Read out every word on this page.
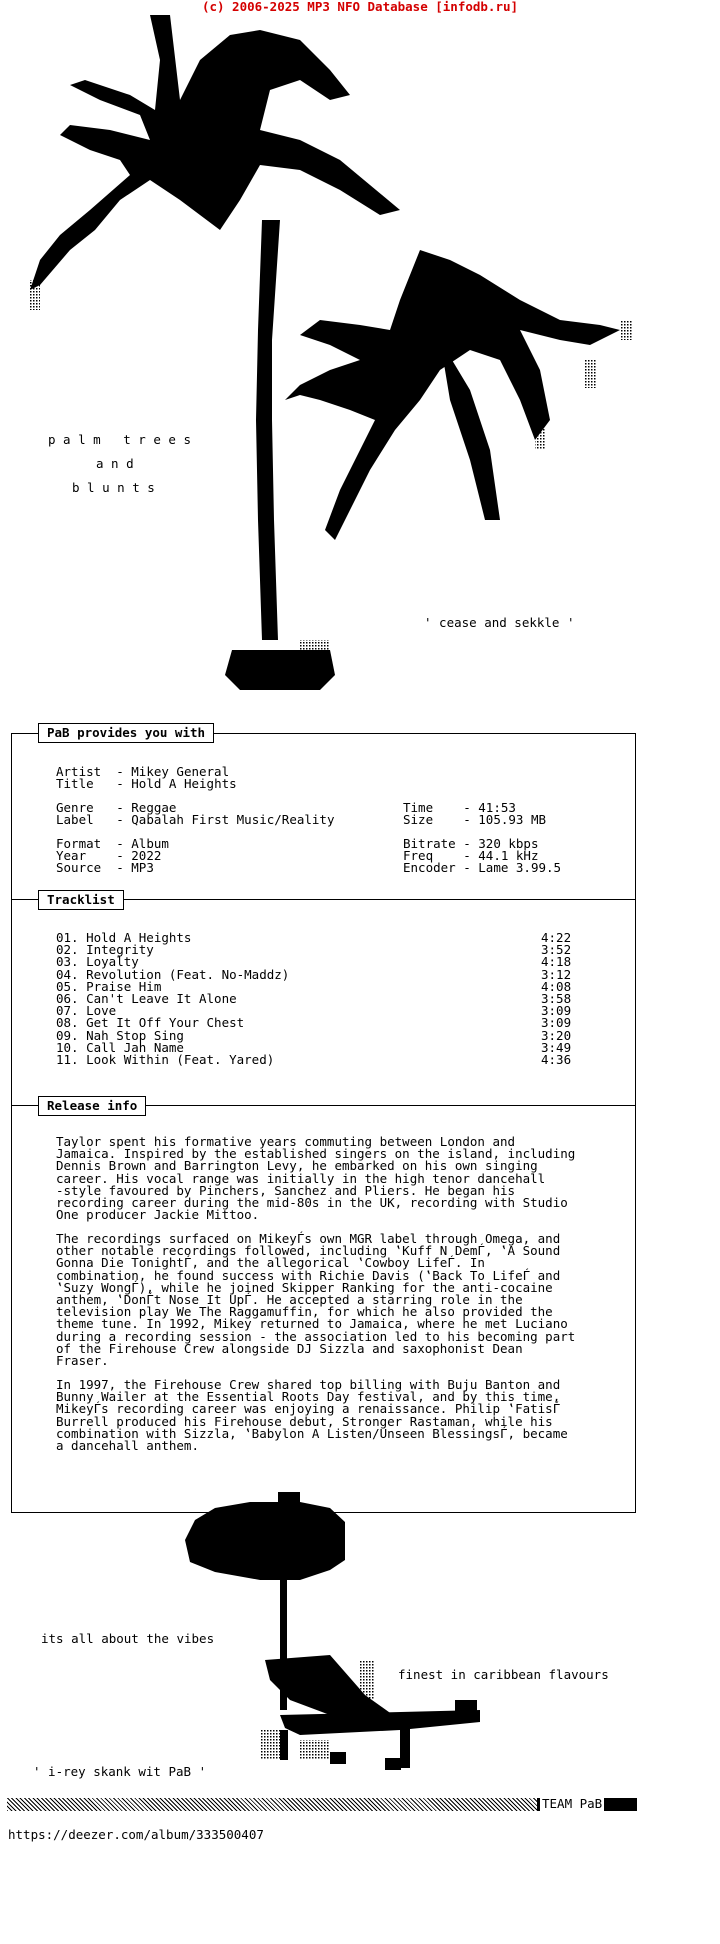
(c) 2006-2025 MP3 NFO Database [infodb.ru]
p a l m   t r e e s
a n d
b l u n t s
' cease and sekkle '
PaB provides you with
Artist  - Mikey General
Title   - Hold A Heights
Genre   - Reggae
Label   - Qabalah First Music/Reality
Format  - Album
Year    - 2022
Source  - MP3
Time    - 41:53
Size    - 105.93 MB
Bitrate - 320 kbps
Freq    - 44.1 kHz
Encoder - Lame 3.99.5
Tracklist
01. Hold A Heights	4:22
02. Integrity	3:52
03. Loyalty	4:18
04. Revolution (Feat. No-Maddz)	3:12
05. Praise Him	4:08
06. Can't Leave It Alone	3:58
07. Love	3:09
08. Get It Off Your Chest	3:09
09. Nah Stop Sing	3:20
10. Call Jah Name	3:49
11. Look Within (Feat. Yared)	4:36
Release info
Taylor spent his formative years commuting between London and
Jamaica. Inspired by the established singers on the island, including
Dennis Brown and Barrington Levy, he embarked on his own singing
career. His vocal range was initially in the high tenor dancehall
-style favoured by Pinchers, Sanchez and Pliers. He began his
recording career during the mid-80s in the UK, recording with Studio
One producer Jackie Mittoo.
The recordings surfaced on MikeyЃs own MGR label through Omega, and
other notable recordings followed, including ‛Kuff N DemЃ, ‛A Sound
Gonna Die TonightЃ, and the allegorical ‛Cowboy LifeЃ. In
combination, he found success with Richie Davis (‛Back To LifeЃ and
‛Suzy WongЃ), while he joined Skipper Ranking for the anti-cocaine
anthem, ‛DonЃt Nose It UpЃ. He accepted a starring role in the
television play We The Raggamuffin, for which he also provided the
theme tune. In 1992, Mikey returned to Jamaica, where he met Luciano
during a recording session - the association led to his becoming part
of the Firehouse Crew alongside DJ Sizzla and saxophonist Dean
Fraser.
In 1997, the Firehouse Crew shared top billing with Buju Banton and
Bunny Wailer at the Essential Roots Day festival, and by this time,
MikeyЃs recording career was enjoying a renaissance. Philip ‛FatisЃ
Burrell produced his Firehouse debut, Stronger Rastaman, while his
combination with Sizzla, ‛Babylon A Listen/Unseen BlessingsЃ, became
a dancehall anthem.
its all about the vibes
finest in caribbean flavours
' i-rey skank wit PaB '
TEAM PaB
https://deezer.com/album/333500407
